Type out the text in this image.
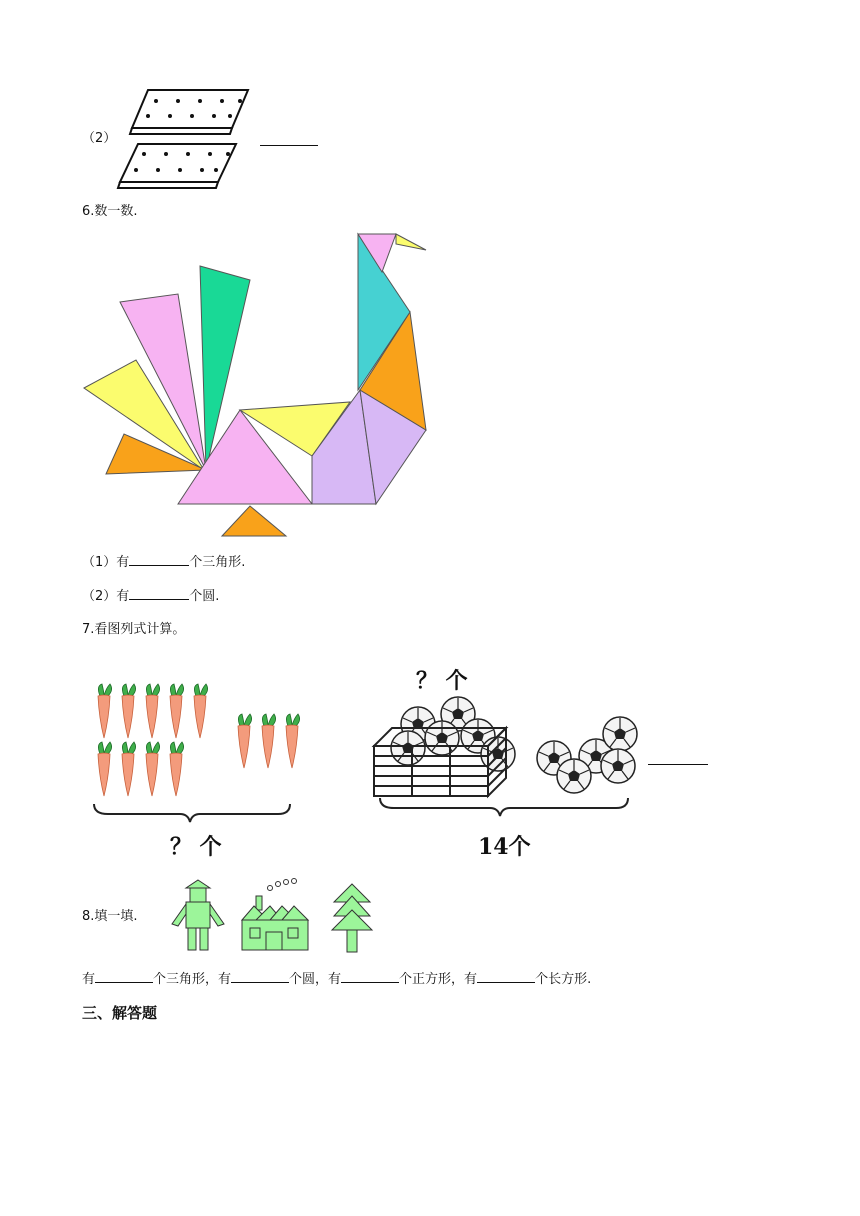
（2）
6.数一数.
（1）有	个三角形.
（2）有	个圆.
7.看图列式计算。
？ 个
？ 个
14个
8.填一填.
有	个三角形，有	个圆，有	个正方形，有	个长方形.
三、解答题
